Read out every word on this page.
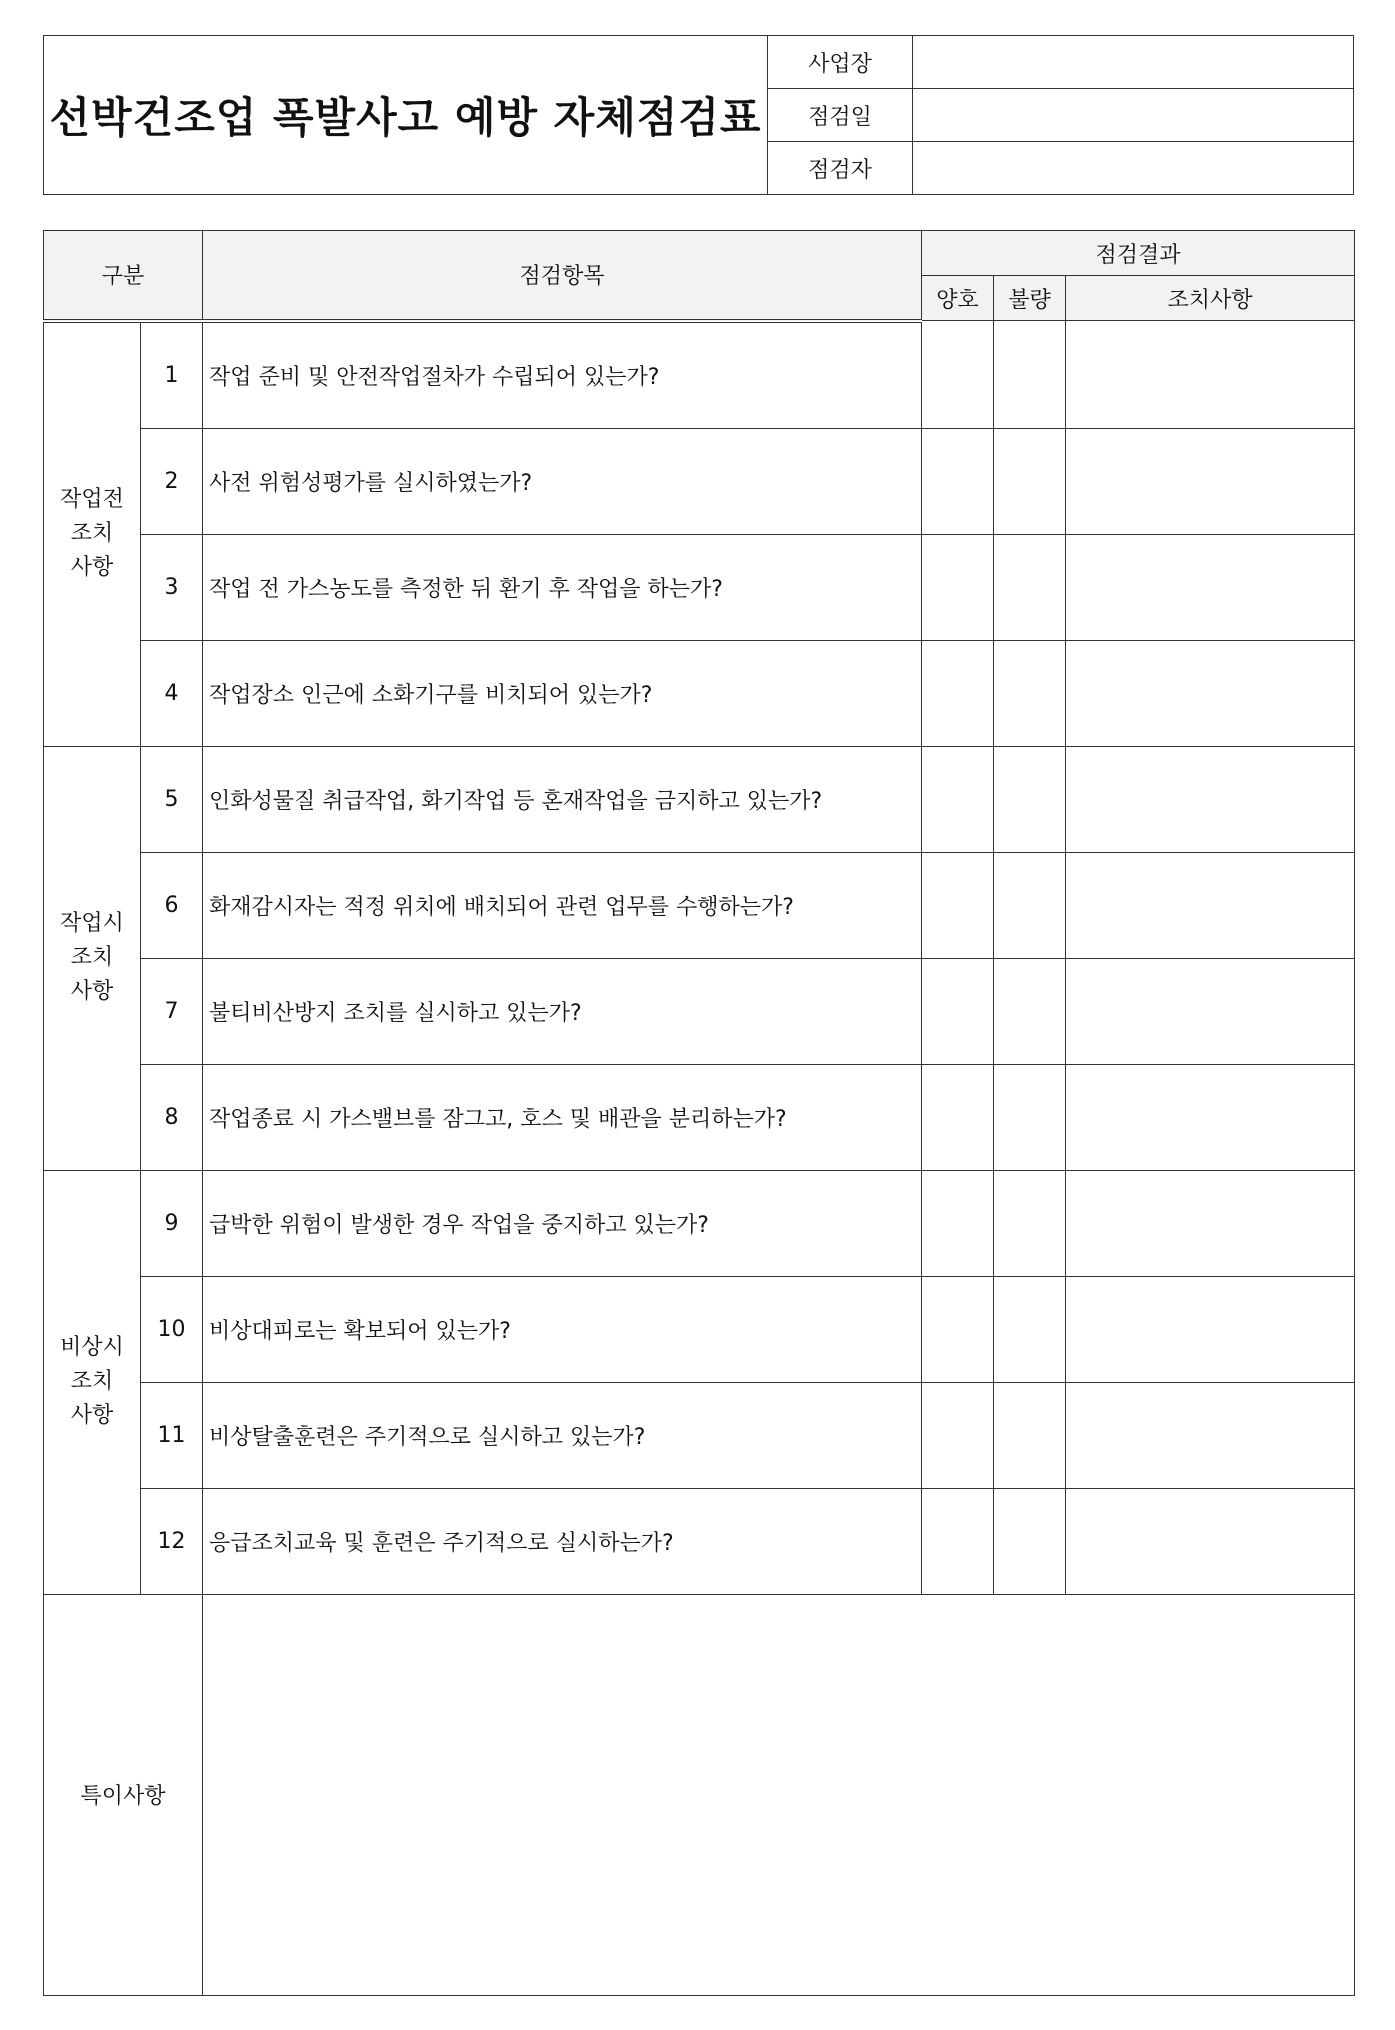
선박건조업 폭발사고 예방 자체점검표
사업장
점검일
점검자
구분		점검항목	점검결과		
			양호	불량	조치사항

작업전
조치
사항	1	작업 준비 및 안전작업절차가 수립되어 있는가?			
	2	사전 위험성평가를 실시하였는가?			
	3	작업 전 가스농도를 측정한 뒤 환기 후 작업을 하는가?			
	4	작업장소 인근에 소화기구를 비치되어 있는가?			

작업시
조치
사항	5	인화성물질 취급작업, 화기작업 등 혼재작업을 금지하고 있는가?			
	6	화재감시자는 적정 위치에 배치되어 관련 업무를 수행하는가?			
	7	불티비산방지 조치를 실시하고 있는가?			
	8	작업종료 시 가스밸브를 잠그고, 호스 및 배관을 분리하는가?			

비상시
조치
사항	9	급박한 위험이 발생한 경우 작업을 중지하고 있는가?			
	10	비상대피로는 확보되어 있는가?			
	11	비상탈출훈련은 주기적으로 실시하고 있는가?			
	12	응급조치교육 및 훈련은 주기적으로 실시하는가?			
특이사항					
